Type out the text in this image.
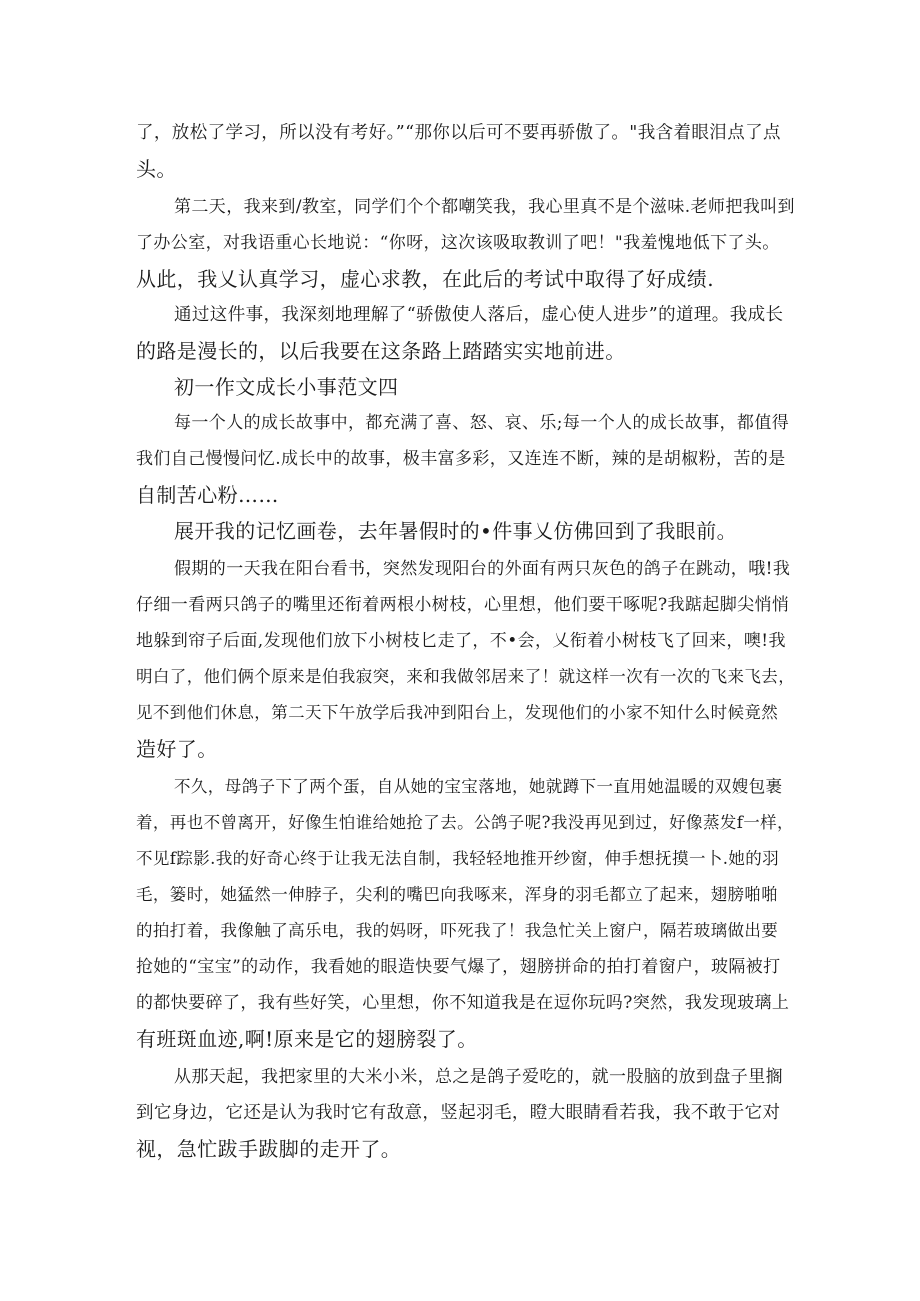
了，放松了学习，所以没有考好。”“那你以后可不要再骄傲了。"我含着眼泪点了点
头。
第二天，我来到/教室，同学们个个都嘲笑我，我心里真不是个滋味.老师把我叫到
了办公室，对我语重心长地说：“你呀，这次该吸取教训了吧！"我羞愧地低下了头。
从此，我乂认真学习，虚心求教，在此后的考试中取得了好成绩.
通过这件事，我深刻地理解了“骄傲使人落后，虚心使人进步”的道理。我成长
的路是漫长的，以后我要在这条路上踏踏实实地前进。
初一作文成长小事范文四
每一个人的成长故事中，都充满了喜、怒、哀、乐;每一个人的成长故事，都值得
我们自己慢慢问忆.成长中的故事，极丰富多彩，又连连不断，辣的是胡椒粉，苦的是
自制苦心粉……
展开我的记忆画卷，去年暑假时的•件事乂仿佛回到了我眼前。
假期的一天我在阳台看书，突然发现阳台的外面有两只灰色的鸽子在跳动，哦!我
仔细一看两只鸽子的嘴里还衔着两根小树枝，心里想，他们要干啄呢?我踮起脚尖悄悄
地躲到帘子后面,发现他们放下小树枝匕走了，不•会，乂衔着小树枝飞了回来，噢!我
明白了，他们俩个原来是伯我寂突，来和我做邻居来了！就这样一次有一次的飞来飞去，
见不到他们休息，第二天下午放学后我冲到阳台上，发现他们的小家不知什么时候竟然
造好了。
不久，母鸽子下了两个蛋，自从她的宝宝落地，她就蹲下一直用她温暖的双嫂包裹
着，再也不曾离开，好像生怕谁给她抢了去。公鸽子呢?我没再见到过，好像蒸发f一样，
不见f踪影.我的好奇心终于让我无法自制，我轻轻地推开纱窗，伸手想抚摸一卜.她的羽
毛，篓时，她猛然一伸脖子，尖利的嘴巴向我啄来，浑身的羽毛都立了起来，翅膀啪啪
的拍打着，我像触了高乐电，我的妈呀，吓死我了！我急忙关上窗户，隔若玻璃做出要
抢她的“宝宝”的动作，我看她的眼造快要气爆了，翅膀拼命的拍打着窗户，玻隔被打
的都快要碎了，我有些好笑，心里想，你不知道我是在逗你玩吗?突然，我发现玻璃上
有班斑血迹,啊!原来是它的翅膀裂了。
从那天起，我把家里的大米小米，总之是鸽子爱吃的，就一股脑的放到盘子里搁
到它身边，它还是认为我时它有敌意，竖起羽毛，瞪大眼睛看若我，我不敢于它对
视，急忙跋手跋脚的走开了。
